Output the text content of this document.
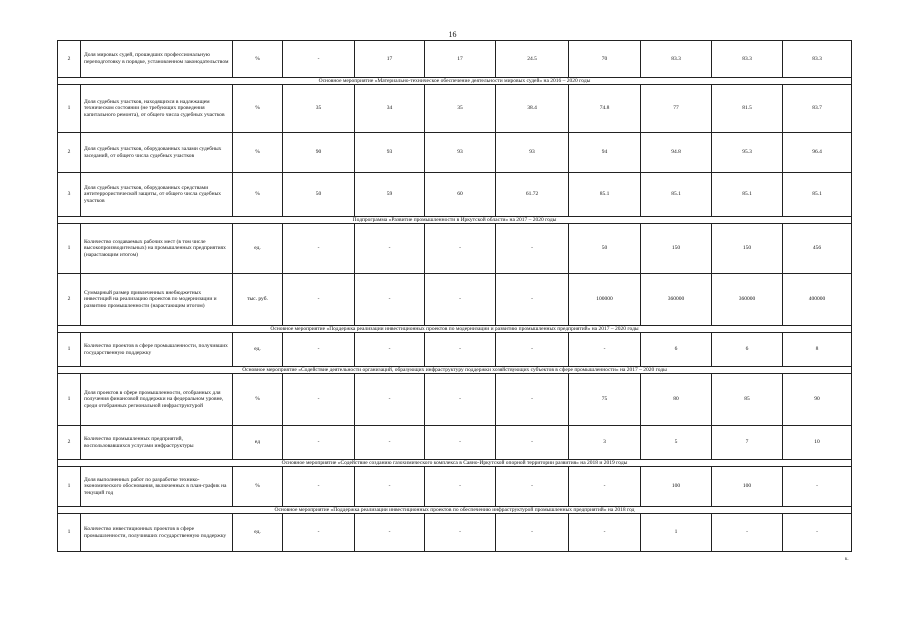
16
2	Доля мировых судей, прошедших профессиональную переподготовку в порядке, установленном законодательством	%	-	17	17	24.5	70	83.3	83.3	83.3
Основное мероприятие «Материально-техническое обеспечение деятельности мировых судей» на 2016 – 2020 годы										
1	Доля судебных участков, находящихся в надлежащем техническом состоянии (не требующих проведения капитального ремонта), от общего числа судебных участков	%	35	34	35	38.4	74.8	77	81.5	83.7
2	Доля судебных участков, оборудованных залами судебных заседаний, от общего числа судебных участков	%	90	93	93	93	94	94.8	95.3	96.4
3	Доля судебных участков, оборудованных средствами антитеррористической защиты, от общего числа судебных участков	%	50	59	60	61.72	85.1	85.1	85.1	85.1
Подпрограмма «Развитие промышленности в Иркутской области» на 2017 – 2020 годы										
1	Количество создаваемых рабочих мест (в том числе высокопроизводительных) на промышленных предприятиях (нарастающим итогом)	ед.	-	-	-	-	50	150	150	456
2	Суммарный размер привлеченных внебюджетных инвестиций на реализацию проектов по модернизации и развитию промышленности (нарастающим итогом)	тыс. руб.	-	-	-	-	100000	360000	360000	400000
Основное мероприятие «Поддержка реализации инвестиционных проектов по модернизации и развитию промышленных предприятий» на 2017 – 2020 годы										
1	Количество проектов в сфере промышленности, получивших государственную поддержку	ед.	-	-	-	-	-	6	6	8
Основное мероприятие «Содействие деятельности организаций, образующих инфраструктуру поддержки хозяйствующих субъектов в сфере промышленности» на 2017 – 2020 годы										
1	Доля проектов в сфере промышленности, отобранных для получения финансовой поддержки на федеральном уровне, среди отобранных региональной инфраструктурой	%	-	-	-	-	75	80	85	90
2	Количество промышленных предприятий, воспользовавшихся услугами инфраструктуры	ед	-	-	-	-	3	5	7	10
Основное мероприятие «Содействие созданию газохимического комплекса в Саяно-Иркутской опорной территории развития» на 2018 и 2019 годы										
1	Доля выполненных работ по разработке технико-экономического обоснования, включенных в план-график на текущий год	%	-	-	-	-	-	100	100	-
Основное мероприятие «Поддержка реализации инвестиционных проектов по обеспечению инфраструктурой промышленных предприятий» на 2018 год										
1	Количество инвестиционных проектов в сфере промышленности, получивших государственную поддержку	ед.	-	-	-	-	-	1	-	-
к.
